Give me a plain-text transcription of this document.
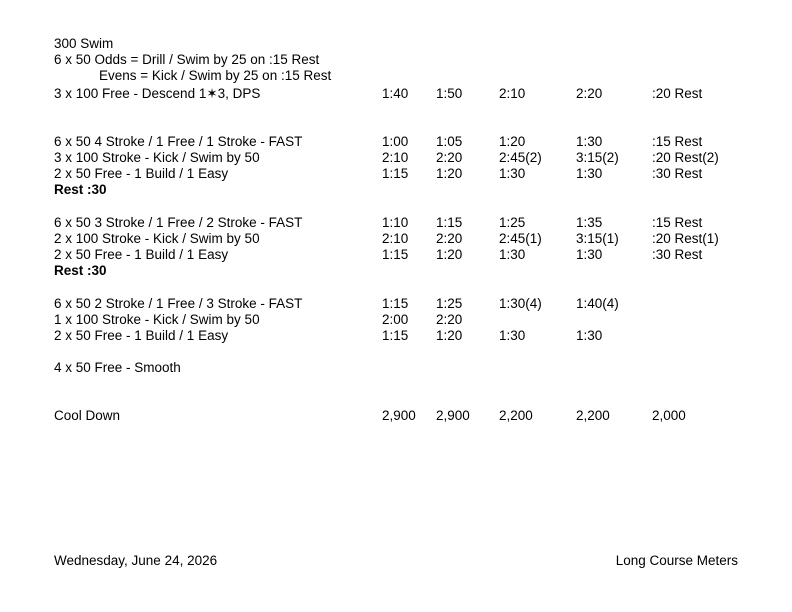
300 Swim
6 x 50 Odds = Drill / Swim by 25 on :15 Rest
Evens = Kick / Swim by 25 on :15 Rest
3 x 100 Free - Descend 1✶3, DPS	1:40 1:50	2:10	2:20	:20 Rest
6 x 50 4 Stroke / 1 Free / 1 Stroke - FAST	1:00 1:05	1:20	1:30	:15 Rest
3 x 100 Stroke - Kick / Swim by 50	2:10 2:20	2:45(2)	3:15(2) :20 Rest(2)
2 x 50 Free - 1 Build / 1 Easy	1:15 1:20	1:30	1:30	:30 Rest
Rest :30
6 x 50 3 Stroke / 1 Free / 2 Stroke - FAST	1:10 1:15	1:25	1:35	:15 Rest
2 x 100 Stroke - Kick / Swim by 50	2:10 2:20	2:45(1)	3:15(1) :20 Rest(1)
2 x 50 Free - 1 Build / 1 Easy	1:15 1:20	1:30	1:30	:30 Rest
Rest :30
6 x 50 2 Stroke / 1 Free / 3 Stroke - FAST	1:15 1:25	1:30(4)	1:40(4)
1 x 100 Stroke - Kick / Swim by 50	2:00 2:20
2 x 50 Free - 1 Build / 1 Easy	1:15 1:20	1:30	1:30
4 x 50 Free - Smooth
Cool Down	2,900 2,900 2,200	2,200	2,000
Wednesday, June 24, 2026	Long Course Meters
